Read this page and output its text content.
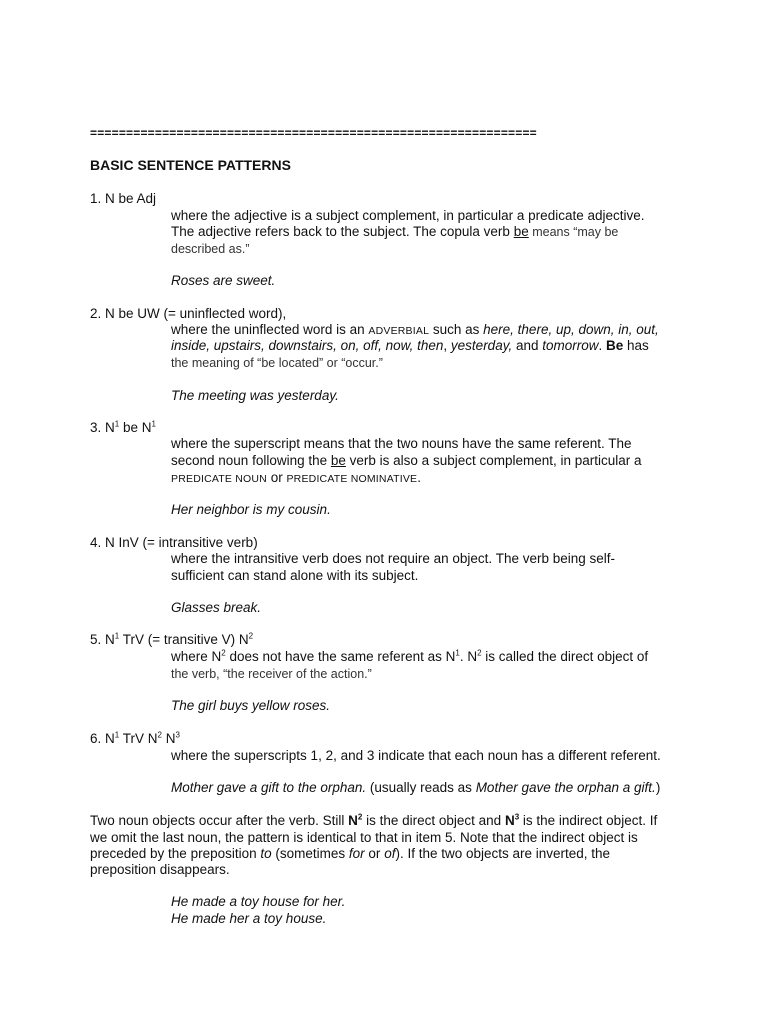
==============================================================
BASIC SENTENCE PATTERNS
1. N be Adj
where the adjective is a subject complement, in particular a predicate adjective.
The adjective refers back to the subject. The copula verb be means “may be
described as.”
Roses are sweet.
2. N be UW (= uninflected word),
where the uninflected word is an ADVERBIAL such as here, there, up, down, in, out,
inside, upstairs, downstairs, on, off, now, then, yesterday, and tomorrow. Be has
the meaning of “be located” or “occur.”
The meeting was yesterday.
3. $N^1$ be $N^1$
where the superscript means that the two nouns have the same referent. The
second noun following the be verb is also a subject complement, in particular a
PREDICATE NOUN or PREDICATE NOMINATIVE.
Her neighbor is my cousin.
4. N InV (= intransitive verb)
where the intransitive verb does not require an object. The verb being self-
sufficient can stand alone with its subject.
Glasses break.
5. $N^1$ TrV (= transitive V) $N^2$
where $N^2$ does not have the same referent as $N^1$. $N^2$ is called the direct object of
the verb, “the receiver of the action.”
The girl buys yellow roses.
6. $N^1$ TrV $N^2$ $N^3$
where the superscripts 1, 2, and 3 indicate that each noun has a different referent.
Mother gave a gift to the orphan. (usually reads as Mother gave the orphan a gift.)
Two noun objects occur after the verb. Still $N^2$ is the direct object and $N^3$ is the indirect object. If
we omit the last noun, the pattern is identical to that in item 5. Note that the indirect object is
preceded by the preposition to (sometimes for or of). If the two objects are inverted, the
preposition disappears.
He made a toy house for her.
He made her a toy house.
